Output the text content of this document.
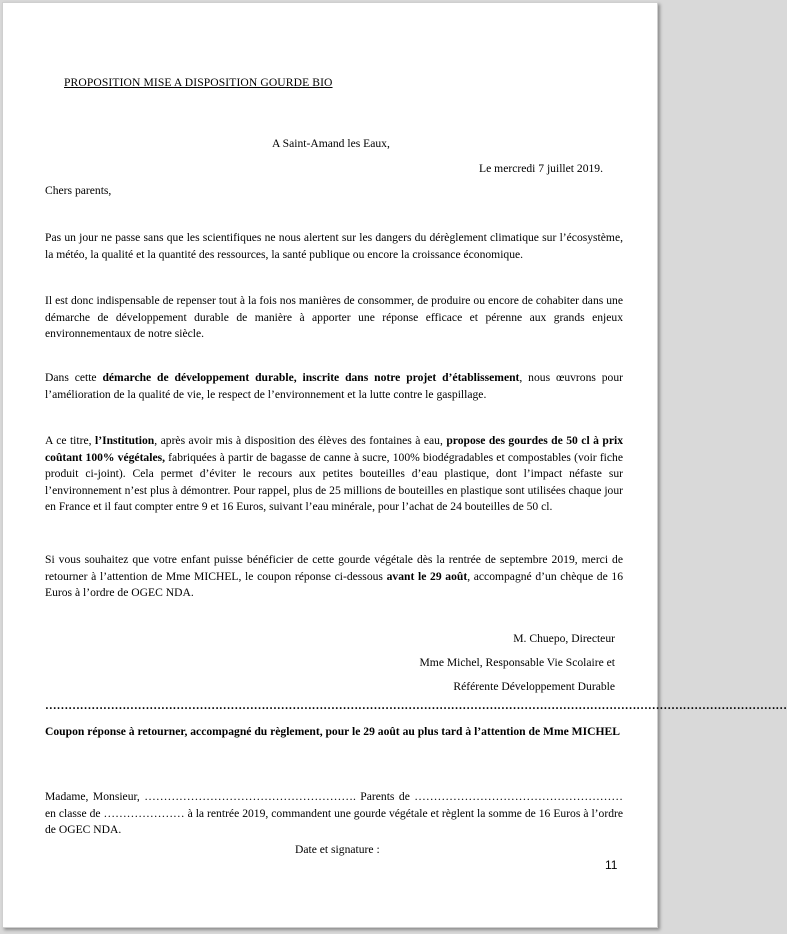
PROPOSITION MISE A DISPOSITION GOURDE BIO
A Saint-Amand les Eaux,
Le mercredi 7 juillet 2019.
Chers parents,
Pas un jour ne passe sans que les scientifiques ne nous alertent sur les dangers du dérèglement climatique sur l’écosystème, la météo, la qualité et la quantité des ressources, la santé publique ou encore la croissance économique.
Il est donc indispensable de repenser tout à la fois nos manières de consommer, de produire ou encore de cohabiter dans une démarche de développement durable de manière à apporter une réponse efficace et pérenne aux grands enjeux environnementaux de notre siècle.
Dans cette démarche de développement durable, inscrite dans notre projet d’établissement, nous œuvrons pour l’amélioration de la qualité de vie, le respect de l’environnement et la lutte contre le gaspillage.
A ce titre, l’Institution, après avoir mis à disposition des élèves des fontaines à eau, propose des gourdes de 50 cl à prix coûtant 100% végétales, fabriquées à partir de bagasse de canne à sucre, 100% biodégradables et compostables (voir fiche produit ci-joint). Cela permet d’éviter le recours aux petites bouteilles d’eau plastique, dont l’impact néfaste sur l’environnement n’est plus à démontrer. Pour rappel, plus de 25 millions de bouteilles en plastique sont utilisées chaque jour en France et il faut compter entre 9 et 16 Euros, suivant l’eau minérale, pour l’achat de 24 bouteilles de 50 cl.
Si vous souhaitez que votre enfant puisse bénéficier de cette gourde végétale dès la rentrée de septembre 2019, merci de retourner à l’attention de Mme MICHEL, le coupon réponse ci-dessous avant le 29 août, accompagné d’un chèque de 16 Euros à l’ordre de OGEC NDA.
M. Chuepo, Directeur
Mme Michel, Responsable Vie Scolaire et
Référente Développement Durable
…………………………………………………………………………………………………………………………………………………………………………
Coupon réponse à retourner, accompagné du règlement, pour le 29 août au plus tard à l’attention de Mme MICHEL
Madame, Monsieur, ………………………………………………. Parents de ……………………………………………… en classe de ………………… à la rentrée 2019, commandent une gourde végétale et règlent la somme de 16 Euros à l’ordre de OGEC NDA.
Date et signature :
11
